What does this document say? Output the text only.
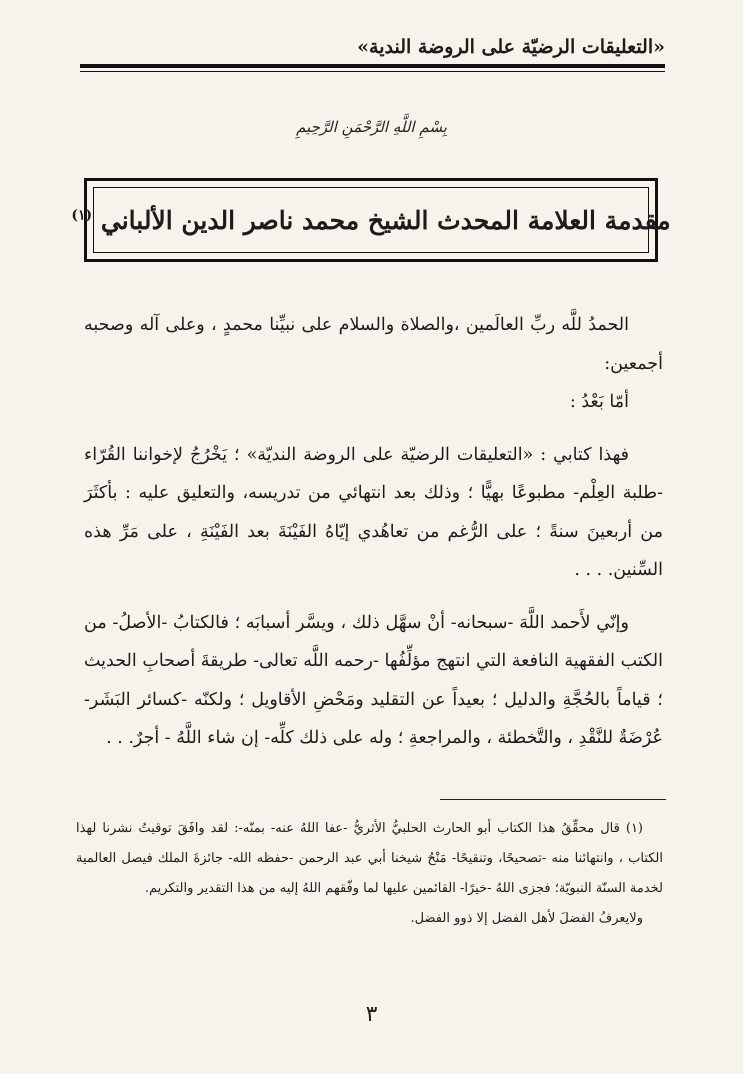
«التعليقات الرضيّة على الروضة الندية»
بِسْمِ اللَّهِ الرَّحْمَنِ الرَّحِيمِ
مقدمة العلامة المحدث الشيخ محمد ناصر الدين الألباني $^{(١)}$

الحمدُ للَّه ربِّ العالَمين ،والصلاة والسلام على نبيِّنا محمدٍ ، وعلى آله وصحبه أجمعين:

أمّا بَعْدُ :

فهذا كتابي : «التعليقات الرضيّة على الروضة النديّة» ؛ يَخْرُجُ لإخواننا القُرّاء -طلبة العِلْم- مطبوعًا بهيًّا ؛ وذلك بعد انتهائي من تدريسه، والتعليق عليه : بأكثَرَ من أربعينَ سنةً ؛ على الرُّغم من تعاهُدي إيّاهُ الفَيْنَةَ بعد الفَيْنَةِ ، على مَرِّ هذه السِّنين. . . .

وإنّي لأَحمد اللَّهَ -سبحانه- أنْ سهَّل ذلك ، ويسَّر أسبابَه ؛ فالكتابُ -الأصلُ- من الكتب الفقهية النافعة التي انتهج مؤلِّفُها -رحمه اللَّه تعالى- طريقةَ أصحابِ الحديث ؛ قياماً بالحُجَّةِ والدليل ؛ بعيداً عن التقليد ومَحْضِ الأقاويل ؛ ولكنّه -كسائر البَشَر- عُرْضَةٌ للنَّقْدِ ، والتَّخطئة ، والمراجعةِ ؛ وله على ذلك كلِّه- إن شاء اللَّهُ - أجرٌ. . .

(١) قال محقِّقُ هذا الكتاب أبو الحارث الحلبيُّ الأثريُّ -عفا اللهُ عنه- بمنّه-: لقد وافَقَ توقيتُ نشرنا لهذا الكتاب ، وانتهائنا منه -تصحيحًا، وتنقيحًا- مَنْحُ شيخنا أبي عبد الرحمن -حفظه الله- جائزةَ الملك فيصل العالمية لخدمة السنّة النبويّة؛ فجزى اللهُ -خيرًا- القائمين عليها لما وفّقهم اللهُ إليه من هذا التقدير والتكريم.

ولايعرفُ الفضلَ لأهل الفضل إلا ذوو الفضل.

٣
